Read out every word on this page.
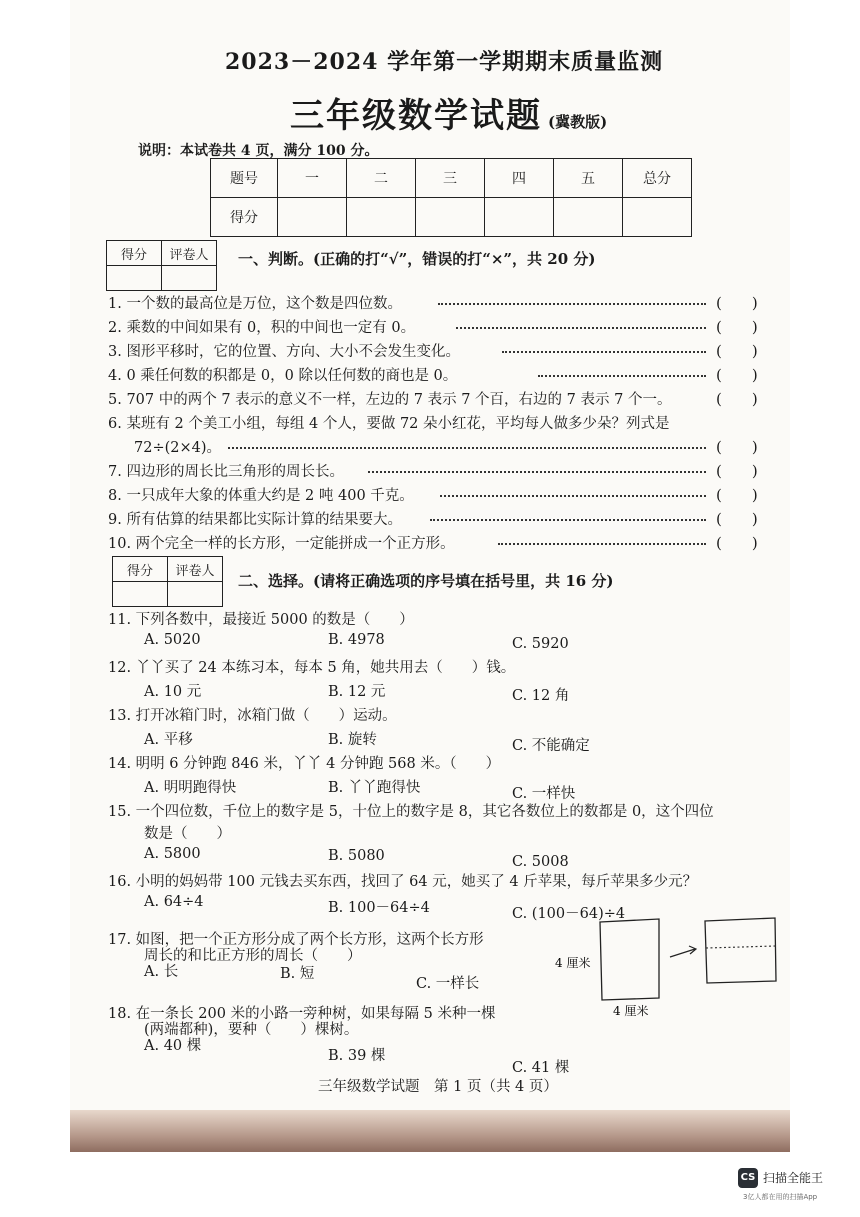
2023－2024 学年第一学期期末质量监测
三年级数学试题 (冀教版)
说明：本试卷共 4 页，满分 100 分。
题号	一	二	三	四	五	总分
得分						
得分	评卷人
	一、判断。(正确的打“√”，错误的打“×”，共 20 分)
1. 一个数的最高位是万位，这个数是四位数。	(　　)
2. 乘数的中间如果有 0，积的中间也一定有 0。	(　　)
3. 图形平移时，它的位置、方向、大小不会发生变化。	(　　)
4. 0 乘任何数的积都是 0，0 除以任何数的商也是 0。	(　　)
5. 707 中的两个 7 表示的意义不一样，左边的 7 表示 7 个百，右边的 7 表示 7 个一。	(　　)
6. 某班有 2 个美工小组，每组 4 个人，要做 72 朵小红花，平均每人做多少朵？列式是
72÷(2×4)。	(　　)
7. 四边形的周长比三角形的周长长。	(　　)
8. 一只成年大象的体重大约是 2 吨 400 千克。	(　　)
9. 所有估算的结果都比实际计算的结果要大。	(　　)
10. 两个完全一样的长方形，一定能拼成一个正方形。	(　　)
得分	评卷人

二、选择。(请将正确选项的序号填在括号里，共 16 分)
11. 下列各数中，最接近 5000 的数是（　　）
A. 5020	B. 4978	C. 5920
12. 丫丫买了 24 本练习本，每本 5 角，她共用去（　　）钱。
A. 10 元	B. 12 元	C. 12 角
13. 打开冰箱门时，冰箱门做（　　）运动。
A. 平移	B. 旋转	C. 不能确定
14. 明明 6 分钟跑 846 米，丫丫 4 分钟跑 568 米。（　　）
A. 明明跑得快	B. 丫丫跑得快	C. 一样快
15. 一个四位数，千位上的数字是 5，十位上的数字是 8，其它各数位上的数都是 0，这个四位
数是（　　）
A. 5800	B. 5080	C. 5008
16. 小明的妈妈带 100 元钱去买东西，找回了 64 元，她买了 4 斤苹果，每斤苹果多少元？
A. 64÷4	B. 100－64÷4	C. (100－64)÷4
17. 如图，把一个正方形分成了两个长方形，这两个长方形
周长的和比正方形的周长（　　）
A. 长	B. 短
C. 一样长
4 厘米
4 厘米
18. 在一条长 200 米的小路一旁种树，如果每隔 5 米种一棵
(两端都种)，要种（　　）棵树。
A. 40 棵
B. 39 棵
C. 41 棵
三年级数学试题　第 1 页（共 4 页）
CS 扫描全能王
3亿人都在用的扫描App
